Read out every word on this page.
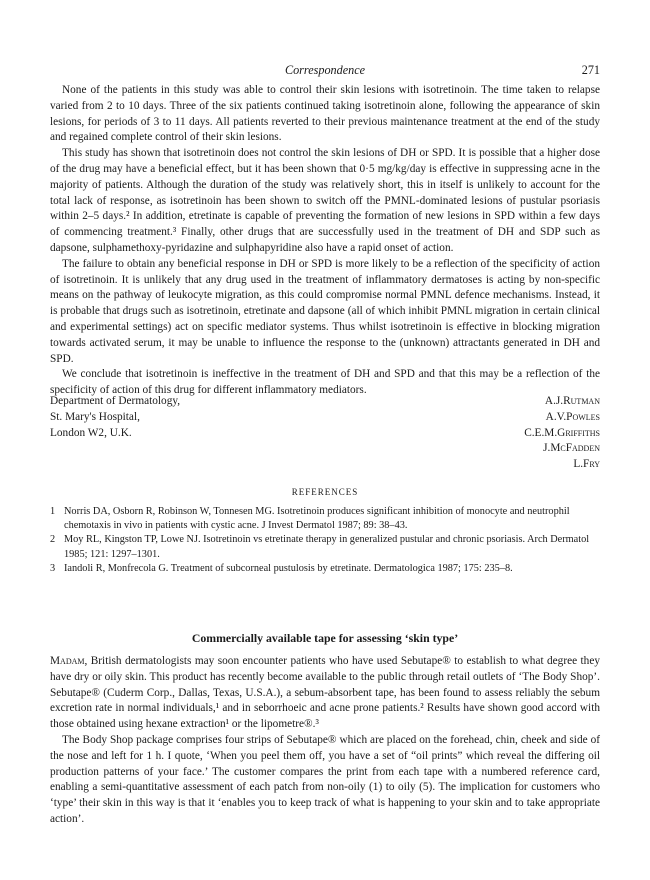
Correspondence	271

None of the patients in this study was able to control their skin lesions with isotretinoin. The time taken to relapse varied from 2 to 10 days. Three of the six patients continued taking isotretinoin alone, following the appearance of skin lesions, for periods of 3 to 11 days. All patients reverted to their previous maintenance treatment at the end of the study and regained complete control of their skin lesions.

This study has shown that isotretinoin does not control the skin lesions of DH or SPD. It is possible that a higher dose of the drug may have a beneficial effect, but it has been shown that 0·5 mg/kg/day is effective in suppressing acne in the majority of patients. Although the duration of the study was relatively short, this in itself is unlikely to account for the total lack of response, as isotretinoin has been shown to switch off the PMNL-dominated lesions of pustular psoriasis within 2–5 days.² In addition, etretinate is capable of preventing the formation of new lesions in SPD within a few days of commencing treatment.³ Finally, other drugs that are successfully used in the treatment of DH and SDP such as dapsone, sulphamethoxy-pyridazine and sulphapyridine also have a rapid onset of action.

The failure to obtain any beneficial response in DH or SPD is more likely to be a reflection of the specificity of action of isotretinoin. It is unlikely that any drug used in the treatment of inflammatory dermatoses is acting by non-specific means on the pathway of leukocyte migration, as this could compromise normal PMNL defence mechanisms. Instead, it is probable that drugs such as isotretinoin, etretinate and dapsone (all of which inhibit PMNL migration in certain clinical and experimental settings) act on specific mediator systems. Thus whilst isotretinoin is effective in blocking migration towards activated serum, it may be unable to influence the response to the (unknown) attractants generated in DH and SPD.

We conclude that isotretinoin is ineffective in the treatment of DH and SPD and that this may be a reflection of the specificity of action of this drug for different inflammatory mediators.

Department of Dermatology,
St. Mary's Hospital,
London W2, U.K.
A.J.Rutman
A.V.Powles
C.E.M.Griffiths
J.McFadden
L.Fry
REFERENCES
1 Norris DA, Osborn R, Robinson W, Tonnesen MG. Isotretinoin produces significant inhibition of monocyte and neutrophil chemotaxis in vivo in patients with cystic acne. J Invest Dermatol 1987; 89: 38–43.
2 Moy RL, Kingston TP, Lowe NJ. Isotretinoin vs etretinate therapy in generalized pustular and chronic psoriasis. Arch Dermatol 1985; 121: 1297–1301.
3 Iandoli R, Monfrecola G. Treatment of subcorneal pustulosis by etretinate. Dermatologica 1987; 175: 235–8.
Commercially available tape for assessing ‘skin type’

Madam, British dermatologists may soon encounter patients who have used Sebutape® to establish to what degree they have dry or oily skin. This product has recently become available to the public through retail outlets of ‘The Body Shop’. Sebutape® (Cuderm Corp., Dallas, Texas, U.S.A.), a sebum-absorbent tape, has been found to assess reliably the sebum excretion rate in normal individuals,¹ and in seborrhoeic and acne prone patients.² Results have shown good accord with those obtained using hexane extraction¹ or the lipometre®.³

The Body Shop package comprises four strips of Sebutape® which are placed on the forehead, chin, cheek and side of the nose and left for 1 h. I quote, ‘When you peel them off, you have a set of “oil prints” which reveal the differing oil production patterns of your face.’ The customer compares the print from each tape with a numbered reference card, enabling a semi-quantitative assessment of each patch from non-oily (1) to oily (5). The implication for customers who ‘type’ their skin in this way is that it ‘enables you to keep track of what is happening to your skin and to take appropriate action’.
